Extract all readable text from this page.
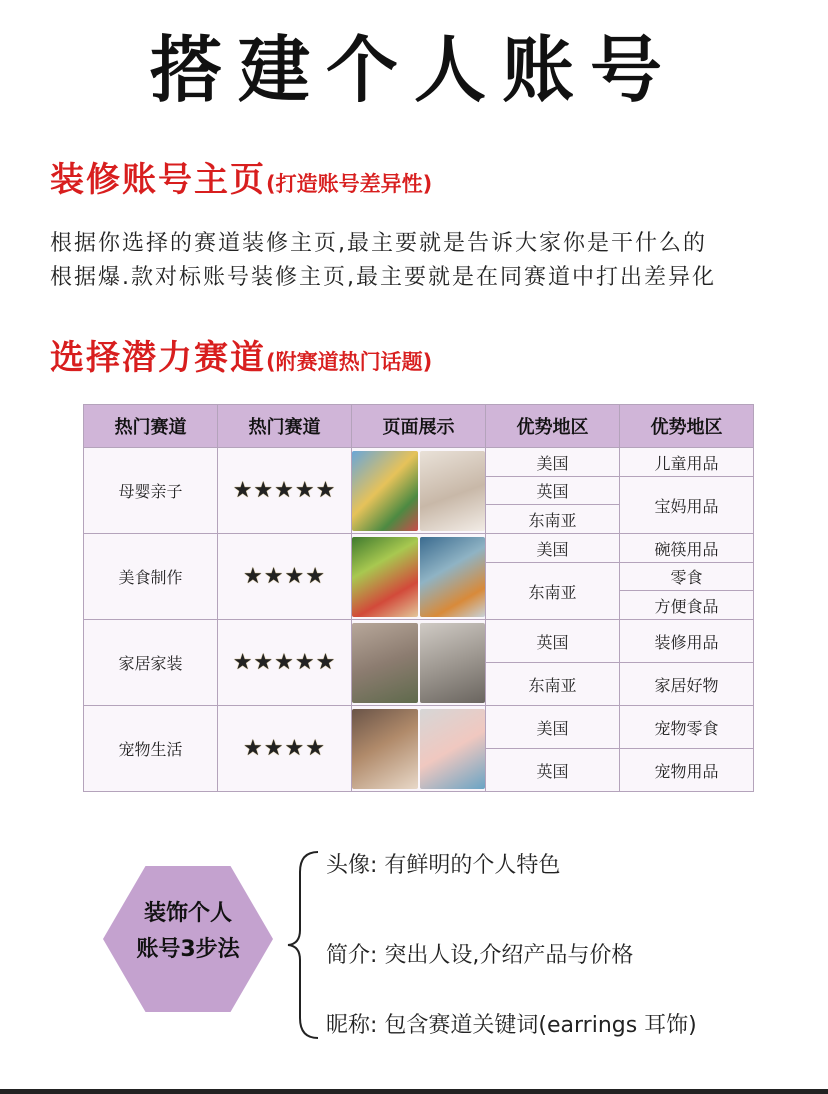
搭建个人账号
装修账号主页(打造账号差异性)
根据你选择的赛道装修主页,最主要就是告诉大家你是干什么的
根据爆.款对标账号装修主页,最主要就是在同赛道中打出差异化
选择潜力赛道(附赛道热门话题)
热门赛道	热门赛道	页面展示	优势地区	优势地区
母婴亲子	★★★★★		美国	儿童用品
			英国	宝妈用品
			东南亚	
美食制作	★★★★		美国	碗筷用品
			东南亚	零食
				方便食品
家居家装	★★★★★		英国	装修用品
			东南亚	家居好物
宠物生活	★★★★		美国	宠物零食
			英国	宠物用品
装饰个人
账号3步法
头像: 有鲜明的个人特色
简介: 突出人设,介绍产品与价格
昵称: 包含赛道关键词(earrings 耳饰)
